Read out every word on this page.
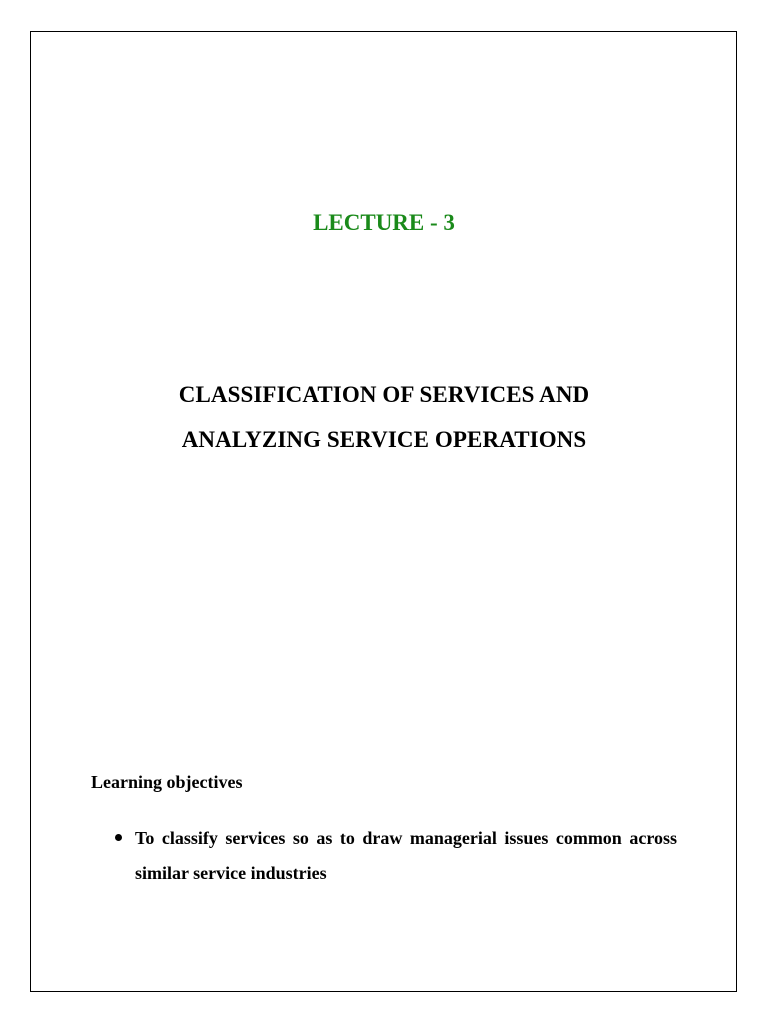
LECTURE - 3
CLASSIFICATION OF SERVICES AND
ANALYZING SERVICE OPERATIONS
Learning objectives
To classify services so as to draw managerial issues common across similar service industries
